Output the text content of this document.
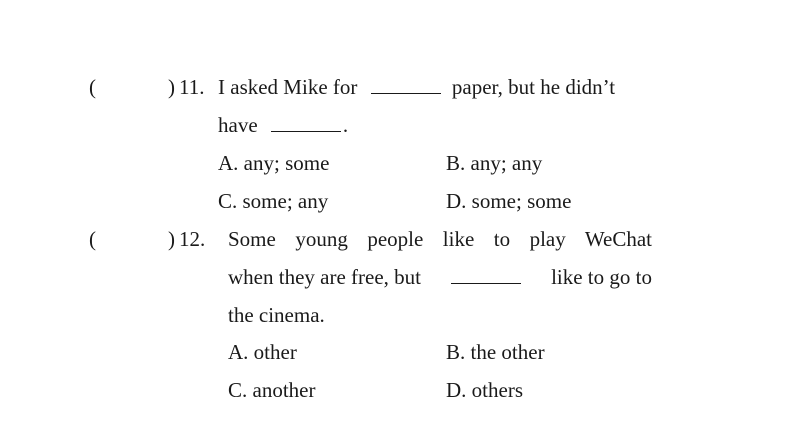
(	) 11. I asked Mike for	paper, but he didn’t
have	.
A. any; some	B. any; any
C. some; any	D. some; some
(	) 12. Some young people like to play WeChat
when they are free, but	like to go to
the cinema.
A. other	B. the other
C. another	D. others
